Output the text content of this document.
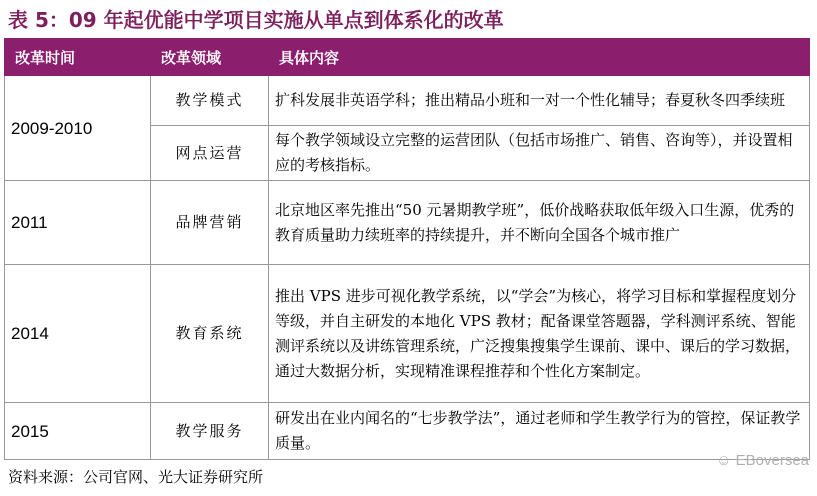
表 5：09 年起优能中学项目实施从单点到体系化的改革
改革时间	改革领域	具体内容
2009-2010	教学模式	扩科发展非英语学科；推出精品小班和一对一个性化辅导；春夏秋冬四季续班
	网点运营	每个教学领域设立完整的运营团队（包括市场推广、销售、咨询等），并设置相应的考核指标。
2011	品牌营销	北京地区率先推出“50 元暑期教学班”，低价战略获取低年级入口生源，优秀的教育质量助力续班率的持续提升，并不断向全国各个城市推广
2014	教育系统	推出 VPS 进步可视化教学系统，以“学会”为核心，将学习目标和掌握程度划分等级，并自主研发的本地化 VPS 教材；配备课堂答题器，学科测评系统、智能测评系统以及讲练管理系统，广泛搜集搜集学生课前、课中、课后的学习数据，通过大数据分析，实现精准课程推荐和个性化方案制定。
2015	教学服务	研发出在业内闻名的“七步教学法”，通过老师和学生教学行为的管控，保证教学质量。
资料来源：公司官网、光大证券研究所
☺ EBoversea
